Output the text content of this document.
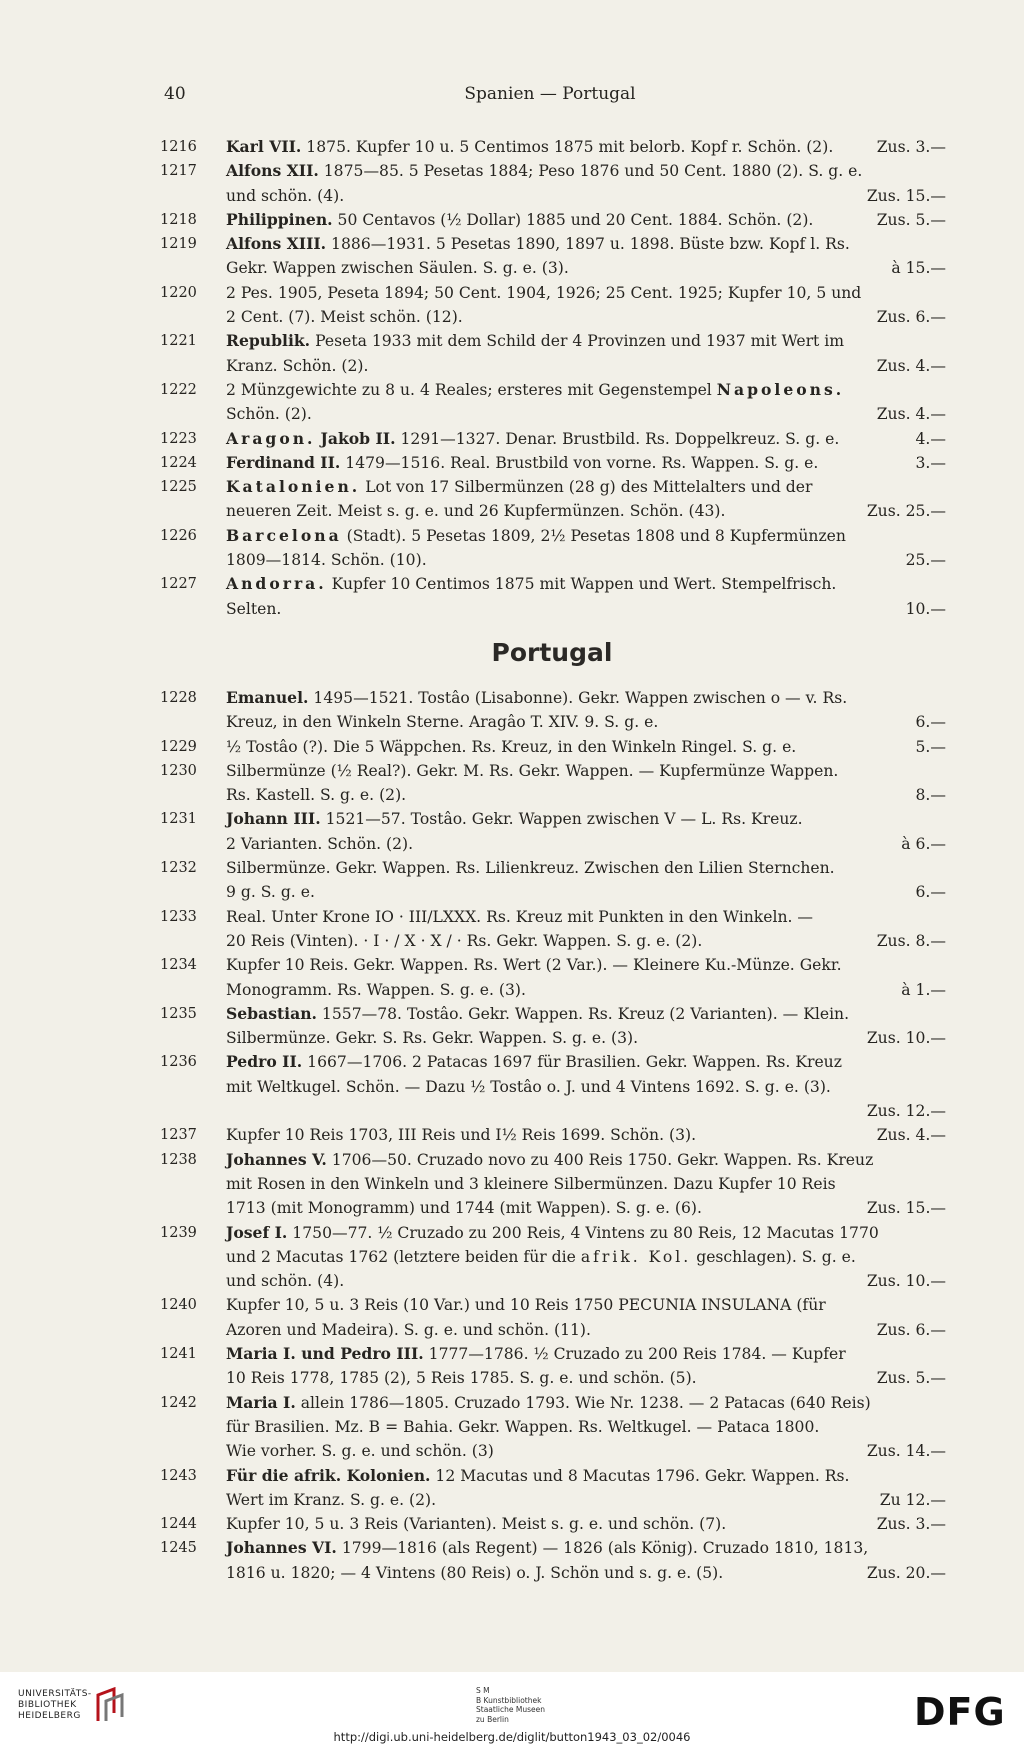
40	Spanien — Portugal
1216	Karl VII. 1875. Kupfer 10 u. 5 Centimos 1875 mit belorb. Kopf r. Schön. (2).	Zus. 3.—
1217	Alfons XII. 1875—85. 5 Pesetas 1884; Peso 1876 und 50 Cent. 1880 (2). S. g. e.
und schön. (4).	Zus. 15.—
1218	Philippinen. 50 Centavos (½ Dollar) 1885 und 20 Cent. 1884. Schön. (2).	Zus. 5.—
1219	Alfons XIII. 1886—1931. 5 Pesetas 1890, 1897 u. 1898. Büste bzw. Kopf l. Rs.
Gekr. Wappen zwischen Säulen. S. g. e. (3).	à 15.—
1220	2 Pes. 1905, Peseta 1894; 50 Cent. 1904, 1926; 25 Cent. 1925; Kupfer 10, 5 und
2 Cent. (7). Meist schön. (12).	Zus. 6.—
1221	Republik. Peseta 1933 mit dem Schild der 4 Provinzen und 1937 mit Wert im
Kranz. Schön. (2).	Zus. 4.—
1222	2 Münzgewichte zu 8 u. 4 Reales; ersteres mit Gegenstempel Napoleons.
Schön. (2).	Zus. 4.—
1223	Aragon. Jakob II. 1291—1327. Denar. Brustbild. Rs. Doppelkreuz. S. g. e.	4.—
1224	Ferdinand II. 1479—1516. Real. Brustbild von vorne. Rs. Wappen. S. g. e.	3.—
1225	Katalonien. Lot von 17 Silbermünzen (28 g) des Mittelalters und der
neueren Zeit. Meist s. g. e. und 26 Kupfermünzen. Schön. (43).	Zus. 25.—
1226	Barcelona (Stadt). 5 Pesetas 1809, 2½ Pesetas 1808 und 8 Kupfermünzen
1809—1814. Schön. (10).	25.—
1227	Andorra. Kupfer 10 Centimos 1875 mit Wappen und Wert. Stempelfrisch.
Selten.	10.—
Portugal
1228	Emanuel. 1495—1521. Tostâo (Lisabonne). Gekr. Wappen zwischen o — v. Rs.
Kreuz, in den Winkeln Sterne. Aragâo T. XIV. 9. S. g. e.	6.—
1229	½ Tostâo (?). Die 5 Wäppchen. Rs. Kreuz, in den Winkeln Ringel. S. g. e.	5.—
1230	Silbermünze (½ Real?). Gekr. M. Rs. Gekr. Wappen. — Kupfermünze Wappen.
Rs. Kastell. S. g. e. (2).	8.—
1231	Johann III. 1521—57. Tostâo. Gekr. Wappen zwischen V — L. Rs. Kreuz.
2 Varianten. Schön. (2).	à 6.—
1232	Silbermünze. Gekr. Wappen. Rs. Lilienkreuz. Zwischen den Lilien Sternchen.
9 g. S. g. e.	6.—
1233	Real. Unter Krone IO · III/LXXX. Rs. Kreuz mit Punkten in den Winkeln. —
20 Reis (Vinten). · I · / X · X / · Rs. Gekr. Wappen. S. g. e. (2).	Zus. 8.—
1234	Kupfer 10 Reis. Gekr. Wappen. Rs. Wert (2 Var.). — Kleinere Ku.-Münze. Gekr.
Monogramm. Rs. Wappen. S. g. e. (3).	à 1.—
1235	Sebastian. 1557—78. Tostâo. Gekr. Wappen. Rs. Kreuz (2 Varianten). — Klein.
Silbermünze. Gekr. S. Rs. Gekr. Wappen. S. g. e. (3).	Zus. 10.—
1236	Pedro II. 1667—1706. 2 Patacas 1697 für Brasilien. Gekr. Wappen. Rs. Kreuz
mit Weltkugel. Schön. — Dazu ½ Tostâo o. J. und 4 Vintens 1692. S. g. e. (3).
Zus. 12.—
1237	Kupfer 10 Reis 1703, III Reis und I½ Reis 1699. Schön. (3).	Zus. 4.—
1238	Johannes V. 1706—50. Cruzado novo zu 400 Reis 1750. Gekr. Wappen. Rs. Kreuz
mit Rosen in den Winkeln und 3 kleinere Silbermünzen. Dazu Kupfer 10 Reis
1713 (mit Monogramm) und 1744 (mit Wappen). S. g. e. (6).	Zus. 15.—
1239	Josef I. 1750—77. ½ Cruzado zu 200 Reis, 4 Vintens zu 80 Reis, 12 Macutas 1770
und 2 Macutas 1762 (letztere beiden für die afrik. Kol. geschlagen). S. g. e.
und schön. (4).	Zus. 10.—
1240	Kupfer 10, 5 u. 3 Reis (10 Var.) und 10 Reis 1750 PECUNIA INSULANA (für
Azoren und Madeira). S. g. e. und schön. (11).	Zus. 6.—
1241	Maria I. und Pedro III. 1777—1786. ½ Cruzado zu 200 Reis 1784. — Kupfer
10 Reis 1778, 1785 (2), 5 Reis 1785. S. g. e. und schön. (5).	Zus. 5.—
1242	Maria I. allein 1786—1805. Cruzado 1793. Wie Nr. 1238. — 2 Patacas (640 Reis)
für Brasilien. Mz. B = Bahia. Gekr. Wappen. Rs. Weltkugel. — Pataca 1800.
Wie vorher. S. g. e. und schön. (3)	Zus. 14.—
1243	Für die afrik. Kolonien. 12 Macutas und 8 Macutas 1796. Gekr. Wappen. Rs.
Wert im Kranz. S. g. e. (2).	Zu 12.—
1244	Kupfer 10, 5 u. 3 Reis (Varianten). Meist s. g. e. und schön. (7).	Zus. 3.—
1245	Johannes VI. 1799—1816 (als Regent) — 1826 (als König). Cruzado 1810, 1813,
1816 u. 1820; — 4 Vintens (80 Reis) o. J. Schön und s. g. e. (5).	Zus. 20.—
UNIVERSITÄTS-
BIBLIOTHEK
HEIDELBERG
S M
B Kunstbibliothek
Staatliche Museen
zu Berlin	DFG
http://digi.ub.uni-heidelberg.de/diglit/button1943_03_02/0046
